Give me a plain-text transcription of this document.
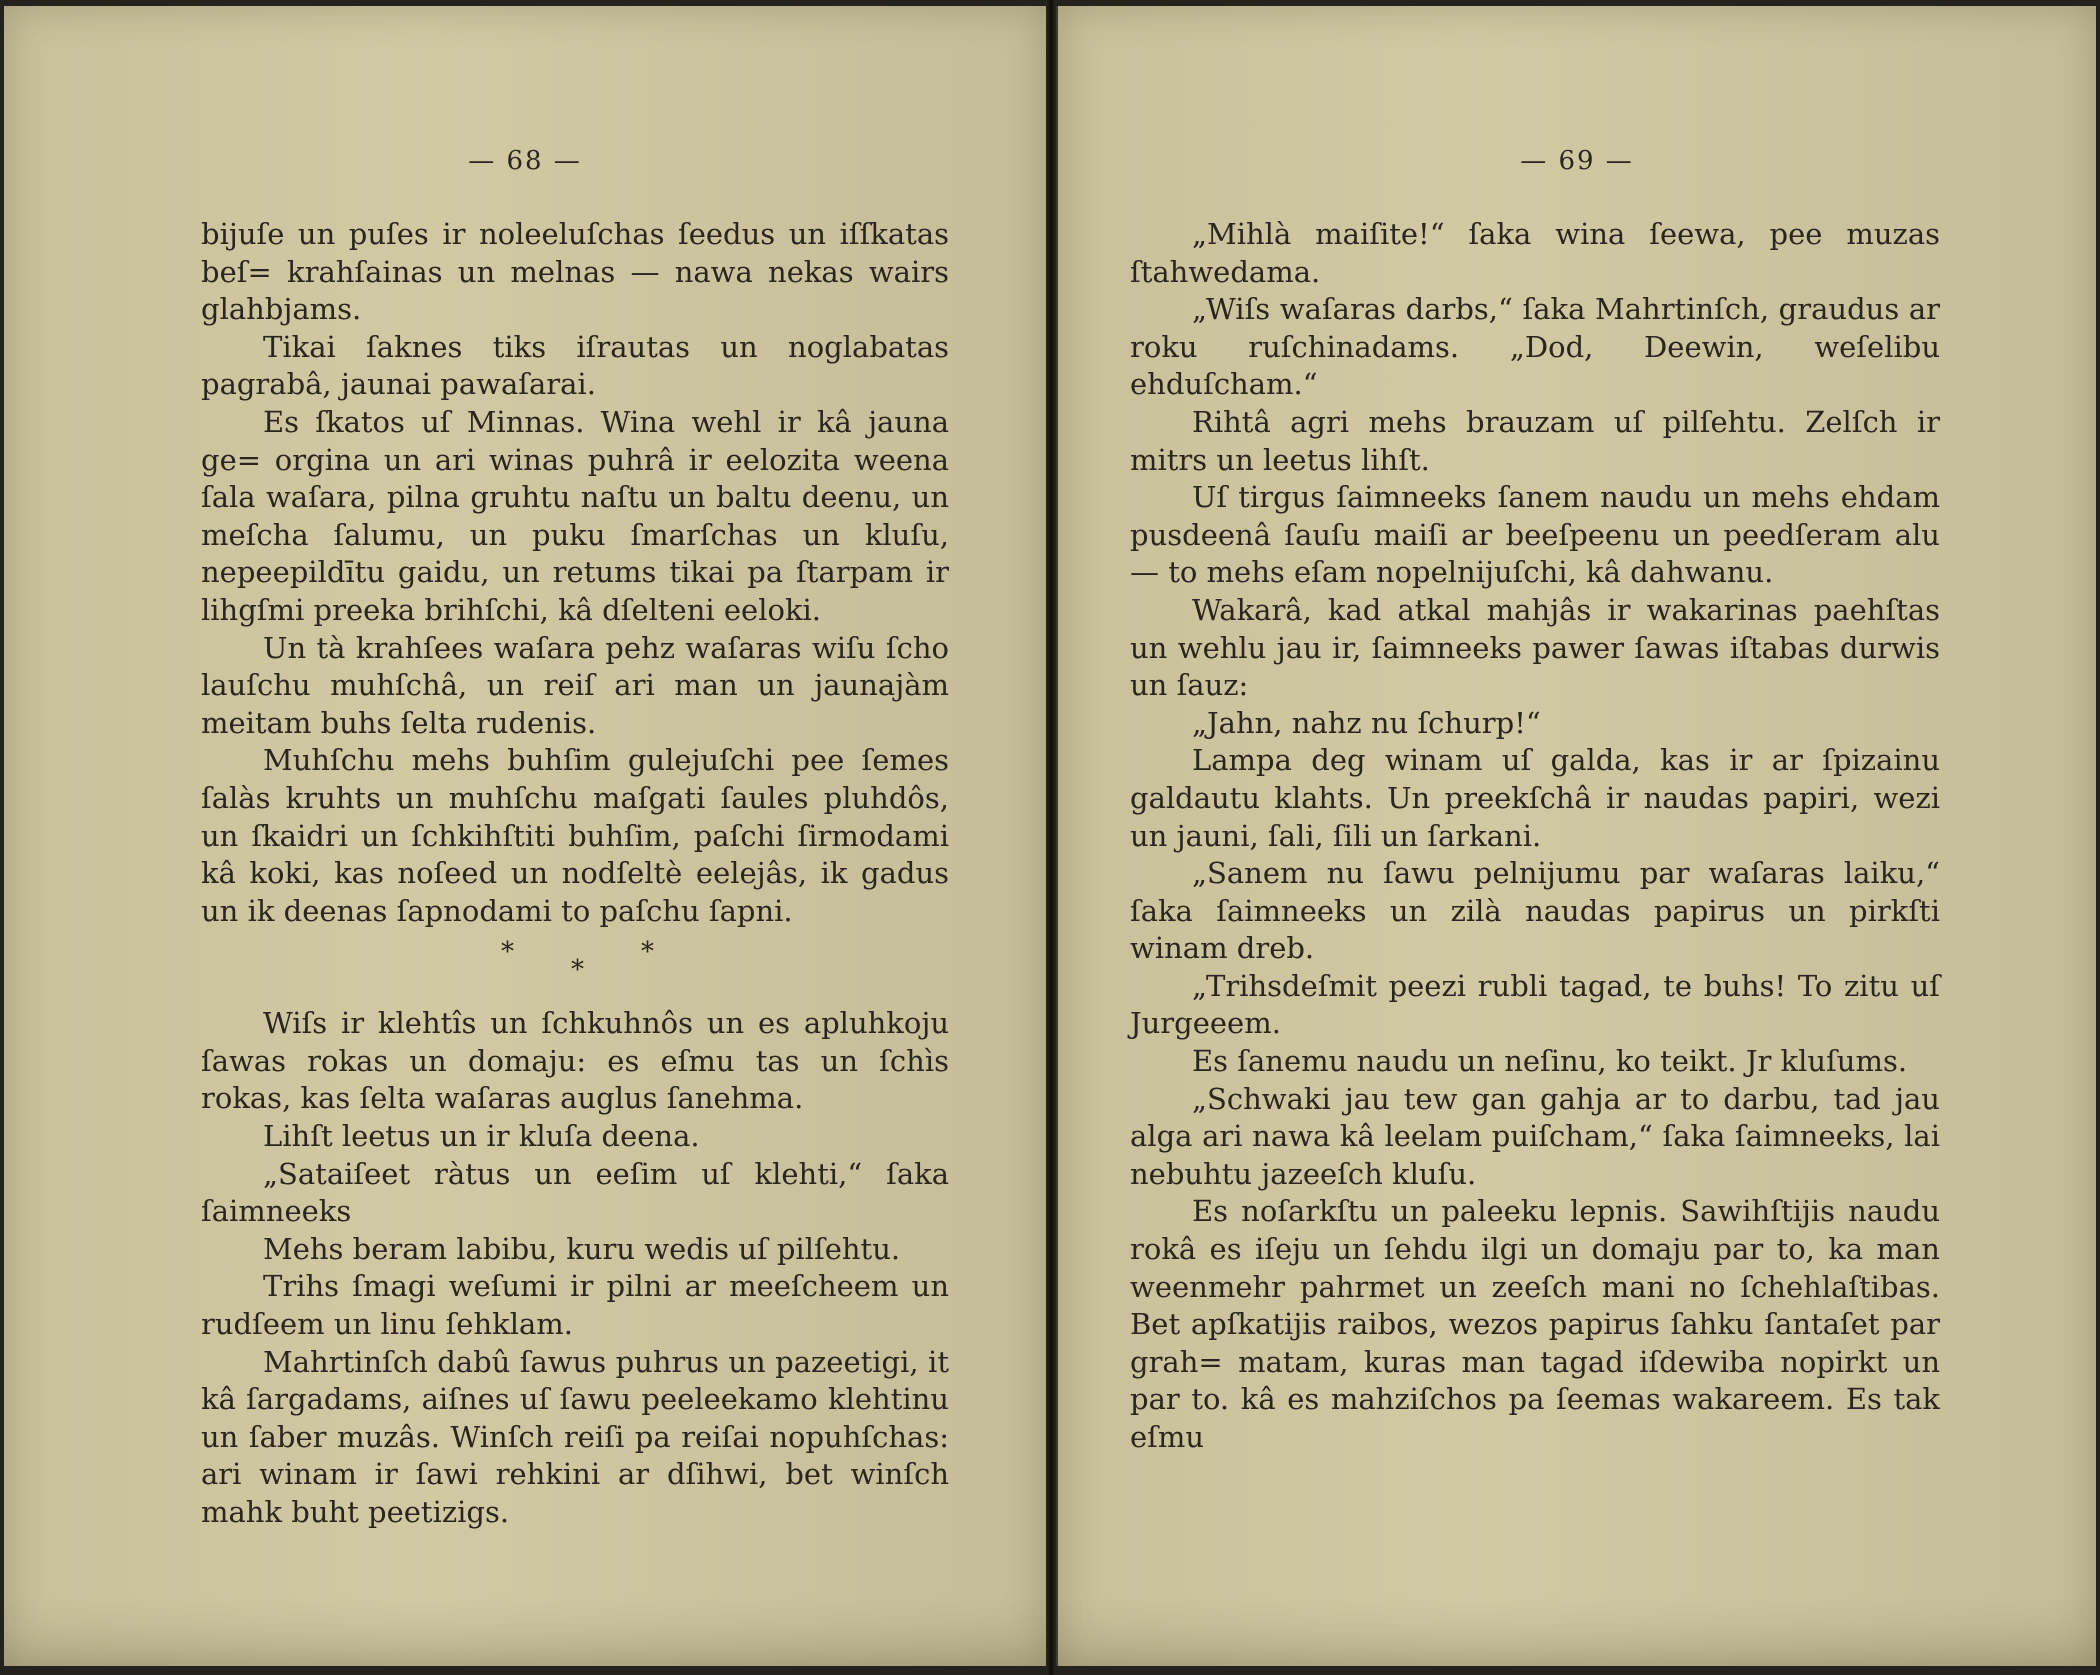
— 68 —

bijuſe un puſes ir noleeluſchas ſeedus un iſſkatas beſ= krahſainas un melnas — nawa nekas wairs glahbjams.

Tikai ſaknes tiks iſrautas un noglabatas pagrabâ, jaunai pawaſarai.

Es ſkatos uſ Minnas. Wina wehl ir kâ jauna ge= orgina un ari winas puhrâ ir eelozita weena ſala waſara, pilna gruhtu naſtu un baltu deenu, un meſcha ſalumu, un puku ſmarſchas un kluſu, nepeepildītu gaidu, un retums tikai pa ſtarpam ir lihgſmi preeka brihſchi, kâ dſelteni eeloki.

Un tà krahſees waſara pehz waſaras wiſu ſcho lauſchu muhſchâ, un reiſ ari man un jaunajàm meitam buhs ſelta rudenis.

Muhſchu mehs buhſim gulejuſchi pee ſemes ſalàs kruhts un muhſchu maſgati ſaules pluhdôs, un ſkaidri un ſchkihſtiti buhſim, paſchi ſirmodami kâ koki, kas noſeed un nodſeltè eelejâs, ik gadus un ik deenas ſapnodami to paſchu ſapni.

*
*
*

Wiſs ir klehtîs un ſchkuhnôs un es apluhkoju ſawas rokas un domaju: es eſmu tas un ſchìs rokas, kas ſelta waſaras auglus ſanehma.

Lihſt leetus un ir kluſa deena.

„Sataiſeet ràtus un eeſim uſ klehti,“ ſaka ſaimneeks

Mehs beram labibu, kuru wedis uſ pilſehtu.

Trihs ſmagi weſumi ir pilni ar meeſcheem un rudſeem un linu ſehklam.

Mahrtinſch dabû ſawus puhrus un pazeetigi, it kâ ſargadams, aiſnes uſ ſawu peeleekamo klehtinu un ſaber muzâs. Winſch reiſi pa reiſai nopuhſchas: ari winam ir ſawi rehkini ar dſihwi, bet winſch mahk buht peetizigs.

— 69 —

„Mihlà maiſite!“ ſaka wina ſeewa, pee muzas ſtahwedama.

„Wiſs waſaras darbs,“ ſaka Mahrtinſch, graudus ar roku ruſchinadams. „Dod, Deewin, weſelibu ehduſcham.“

Rihtâ agri mehs brauzam uſ pilſehtu. Zelſch ir mitrs un leetus lihſt.

Uſ tirgus ſaimneeks ſanem naudu un mehs ehdam pusdeenâ ſauſu maiſi ar beeſpeenu un peedſeram alu — to mehs eſam nopelnijuſchi, kâ dahwanu.

Wakarâ, kad atkal mahjâs ir wakarinas paehſtas un wehlu jau ir, ſaimneeks pawer ſawas iſtabas durwis un ſauz:

„Jahn, nahz nu ſchurp!“

Lampa deg winam uſ galda, kas ir ar ſpizainu galdautu klahts. Un preekſchâ ir naudas papiri, wezi un jauni, ſali, ſili un ſarkani.

„Sanem nu ſawu pelnijumu par waſaras laiku,“ ſaka ſaimneeks un zilà naudas papirus un pirkſti winam dreb.

„Trihsdeſmit peezi rubli tagad, te buhs! To zitu uſ Jurgeeem.

Es ſanemu naudu un neſinu, ko teikt. Jr kluſums.

„Schwaki jau tew gan gahja ar to darbu, tad jau alga ari nawa kâ leelam puiſcham,“ ſaka ſaimneeks, lai nebuhtu jazeeſch kluſu.

Es noſarkſtu un paleeku lepnis. Sawihſtijis naudu rokâ es iſeju un ſehdu ilgi un domaju par to, ka man weenmehr pahrmet un zeeſch mani no ſchehlaſtibas. Bet apſkatijis raibos, wezos papirus ſahku ſantaſet par grah= matam, kuras man tagad iſdewiba nopirkt un par to. kâ es mahziſchos pa ſeemas wakareem. Es tak eſmu
